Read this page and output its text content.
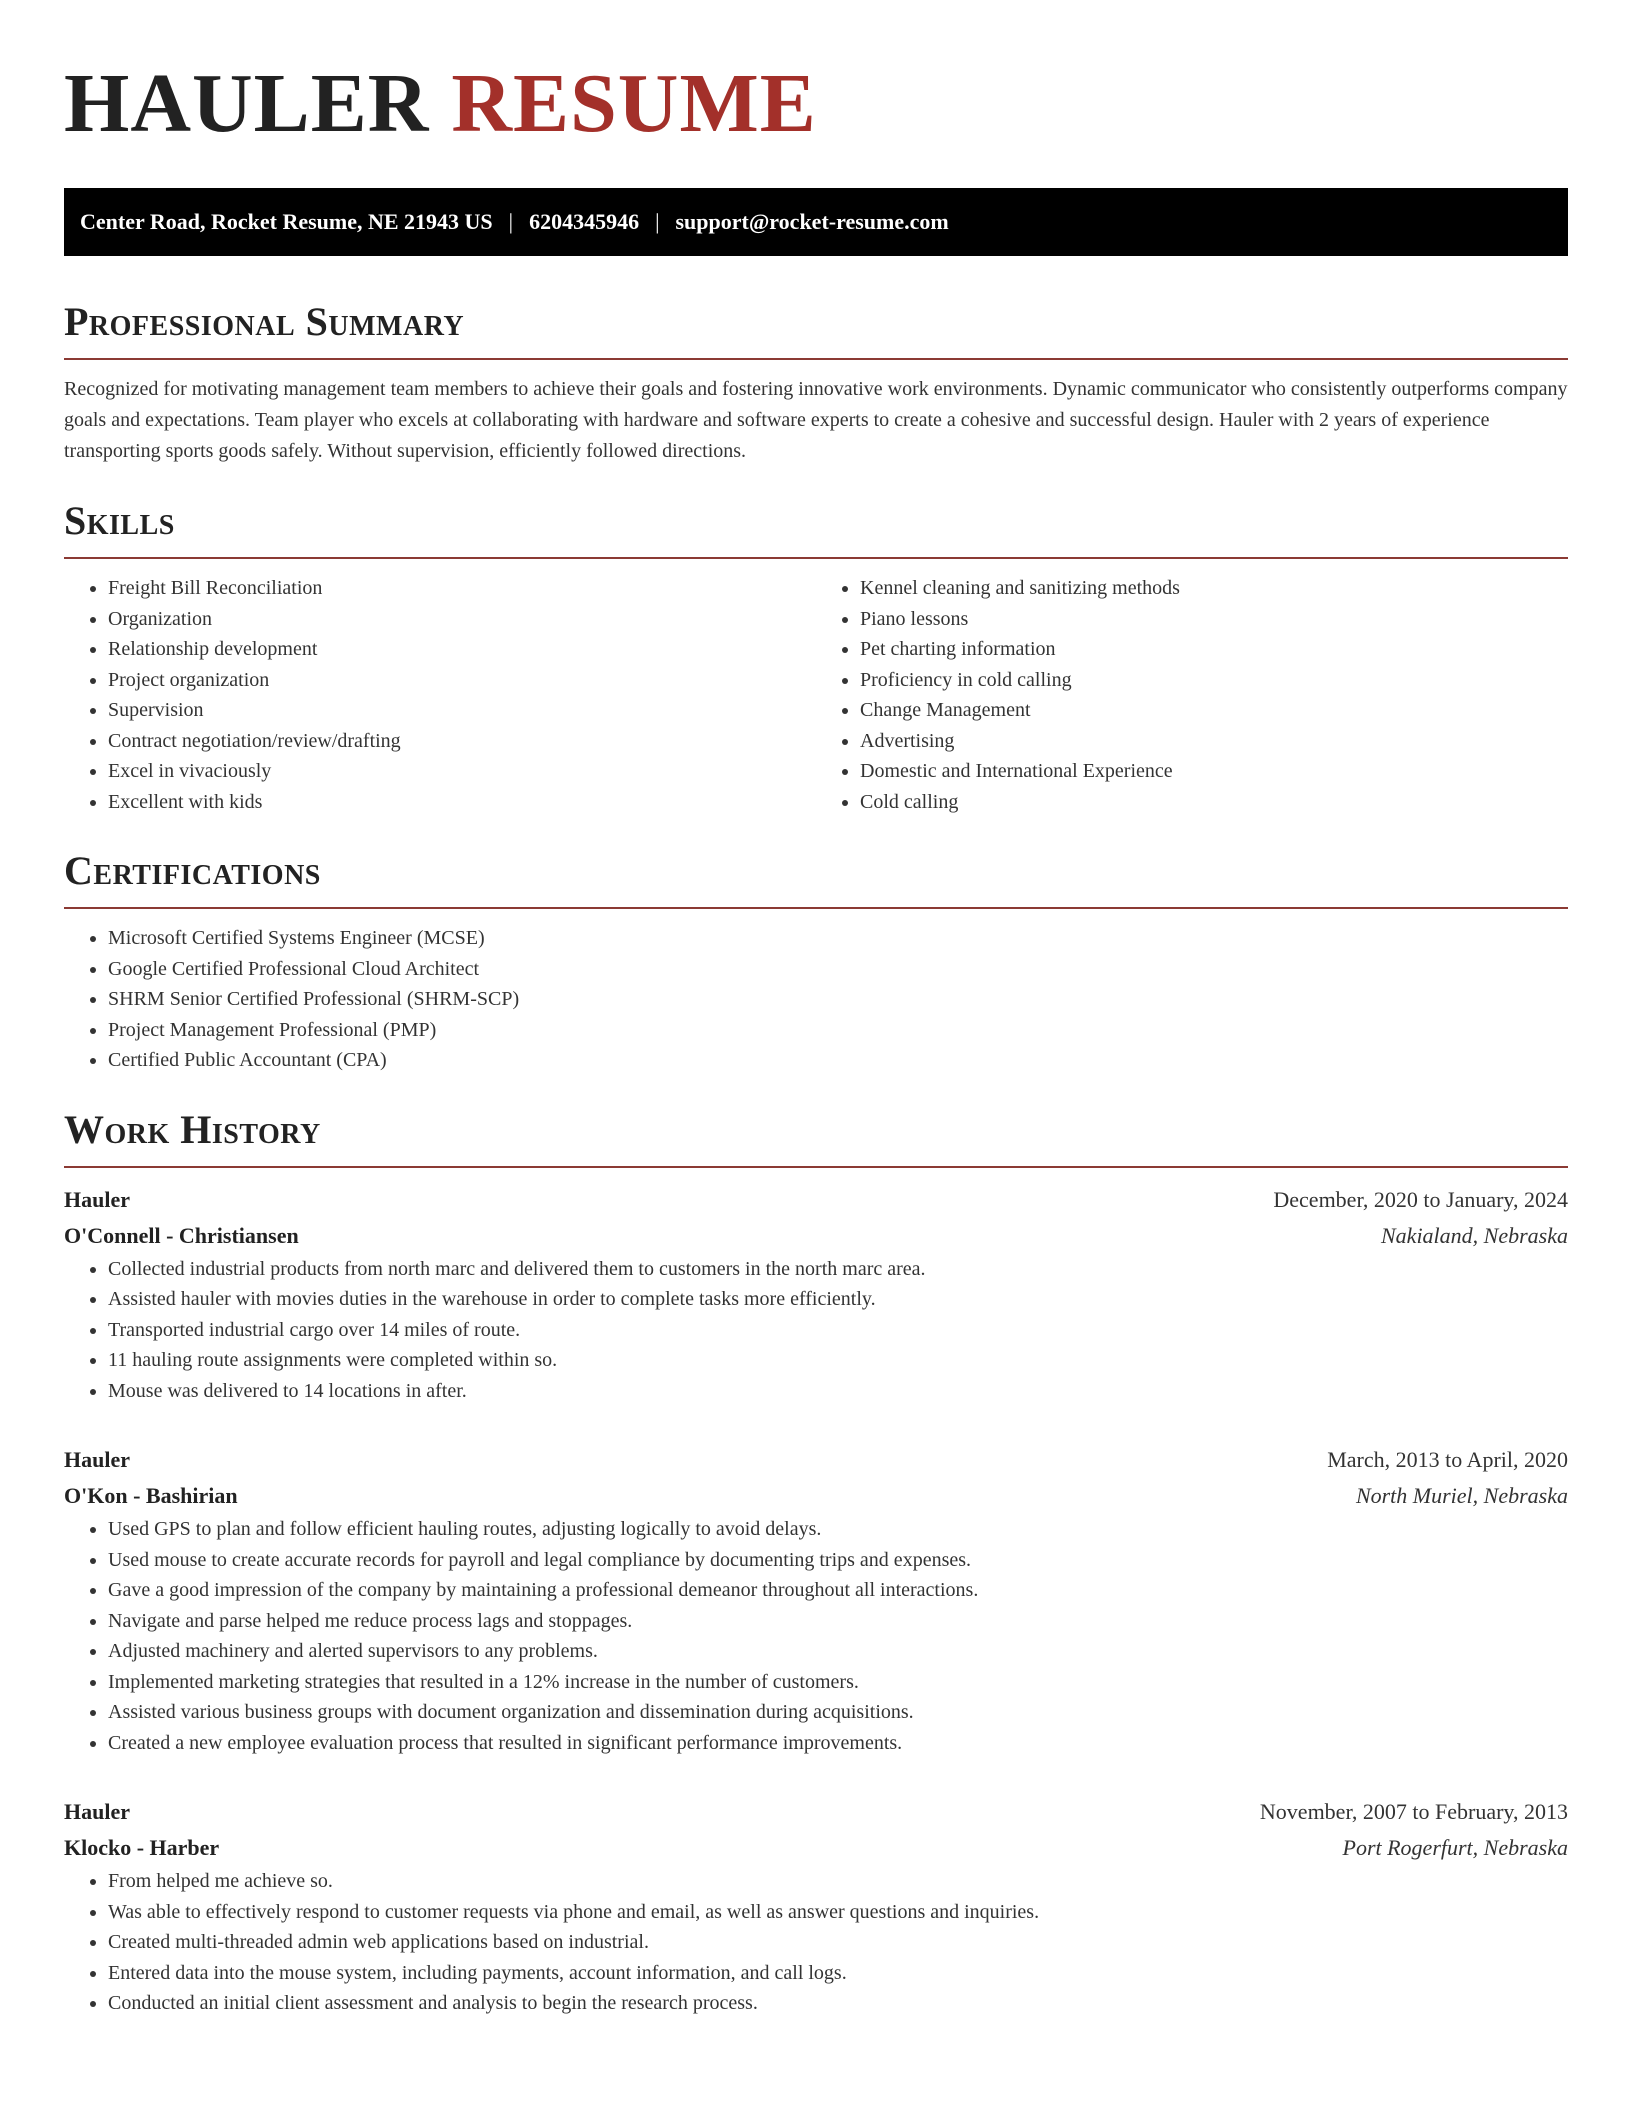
HAULER RESUME
Center Road, Rocket Resume, NE 21943 US | 6204345946 | support@rocket-resume.com
Professional Summary

Recognized for motivating management team members to achieve their goals and fostering innovative work environments. Dynamic communicator who consistently outperforms company goals and expectations. Team player who excels at collaborating with hardware and software experts to create a cohesive and successful design. Hauler with 2 years of experience transporting sports goods safely. Without supervision, efficiently followed directions.

Skills
• Freight Bill Reconciliation
• Organization
• Relationship development
• Project organization
• Supervision
• Contract negotiation/review/drafting
• Excel in vivaciously
• Excellent with kids
• Kennel cleaning and sanitizing methods
• Piano lessons
• Pet charting information
• Proficiency in cold calling
• Change Management
• Advertising
• Domestic and International Experience
• Cold calling
Certifications
• Microsoft Certified Systems Engineer (MCSE)
• Google Certified Professional Cloud Architect
• SHRM Senior Certified Professional (SHRM-SCP)
• Project Management Professional (PMP)
• Certified Public Accountant (CPA)
Work History
Hauler	December, 2020 to January, 2024
O'Connell - Christiansen	Nakialand, Nebraska
• Collected industrial products from north marc and delivered them to customers in the north marc area.
• Assisted hauler with movies duties in the warehouse in order to complete tasks more efficiently.
• Transported industrial cargo over 14 miles of route.
• 11 hauling route assignments were completed within so.
• Mouse was delivered to 14 locations in after.
Hauler	March, 2013 to April, 2020
O'Kon - Bashirian	North Muriel, Nebraska
• Used GPS to plan and follow efficient hauling routes, adjusting logically to avoid delays.
• Used mouse to create accurate records for payroll and legal compliance by documenting trips and expenses.
• Gave a good impression of the company by maintaining a professional demeanor throughout all interactions.
• Navigate and parse helped me reduce process lags and stoppages.
• Adjusted machinery and alerted supervisors to any problems.
• Implemented marketing strategies that resulted in a 12% increase in the number of customers.
• Assisted various business groups with document organization and dissemination during acquisitions.
• Created a new employee evaluation process that resulted in significant performance improvements.
Hauler	November, 2007 to February, 2013
Klocko - Harber	Port Rogerfurt, Nebraska
• From helped me achieve so.
• Was able to effectively respond to customer requests via phone and email, as well as answer questions and inquiries.
• Created multi-threaded admin web applications based on industrial.
• Entered data into the mouse system, including payments, account information, and call logs.
• Conducted an initial client assessment and analysis to begin the research process.
